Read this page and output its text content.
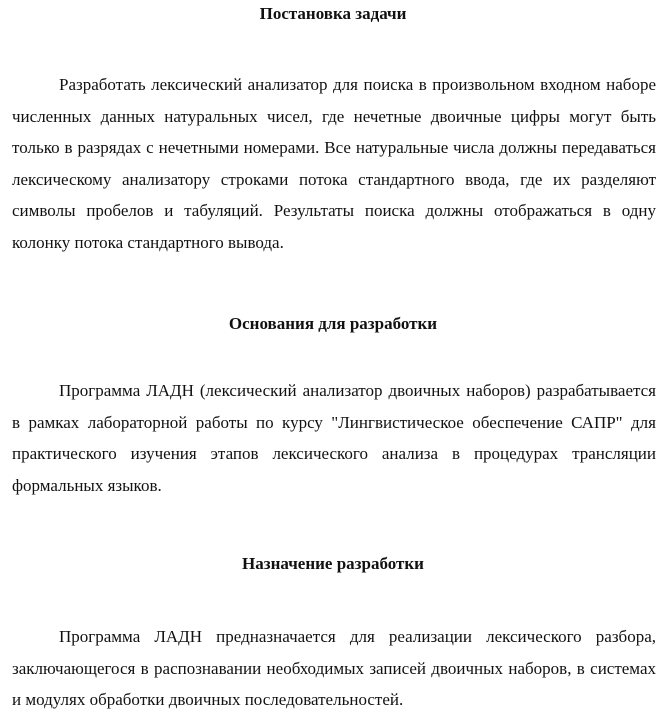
Постановка задачи

Разработать лексический анализатор для поиска в произвольном входном наборе численных данных натуральных чисел, где нечетные двоичные цифры могут быть только в разрядах с нечетными номерами. Все натуральные числа должны передаваться лексическому анализатору строками потока стандартного ввода, где их разделяют символы пробелов и табуляций. Результаты поиска должны отображаться в одну колонку потока стандартного вывода.

Основания для разработки

Программа ЛАДН (лексический анализатор двоичных наборов) разрабатывается в рамках лабораторной работы по курсу "Лингвистическое обеспечение САПР" для практического изучения этапов лексического анализа в процедурах трансляции формальных языков.

Назначение разработки

Программа ЛАДН предназначается для реализации лексического разбора, заключающегося в распознавании необходимых записей двоичных наборов, в системах и модулях обработки двоичных последовательностей.
